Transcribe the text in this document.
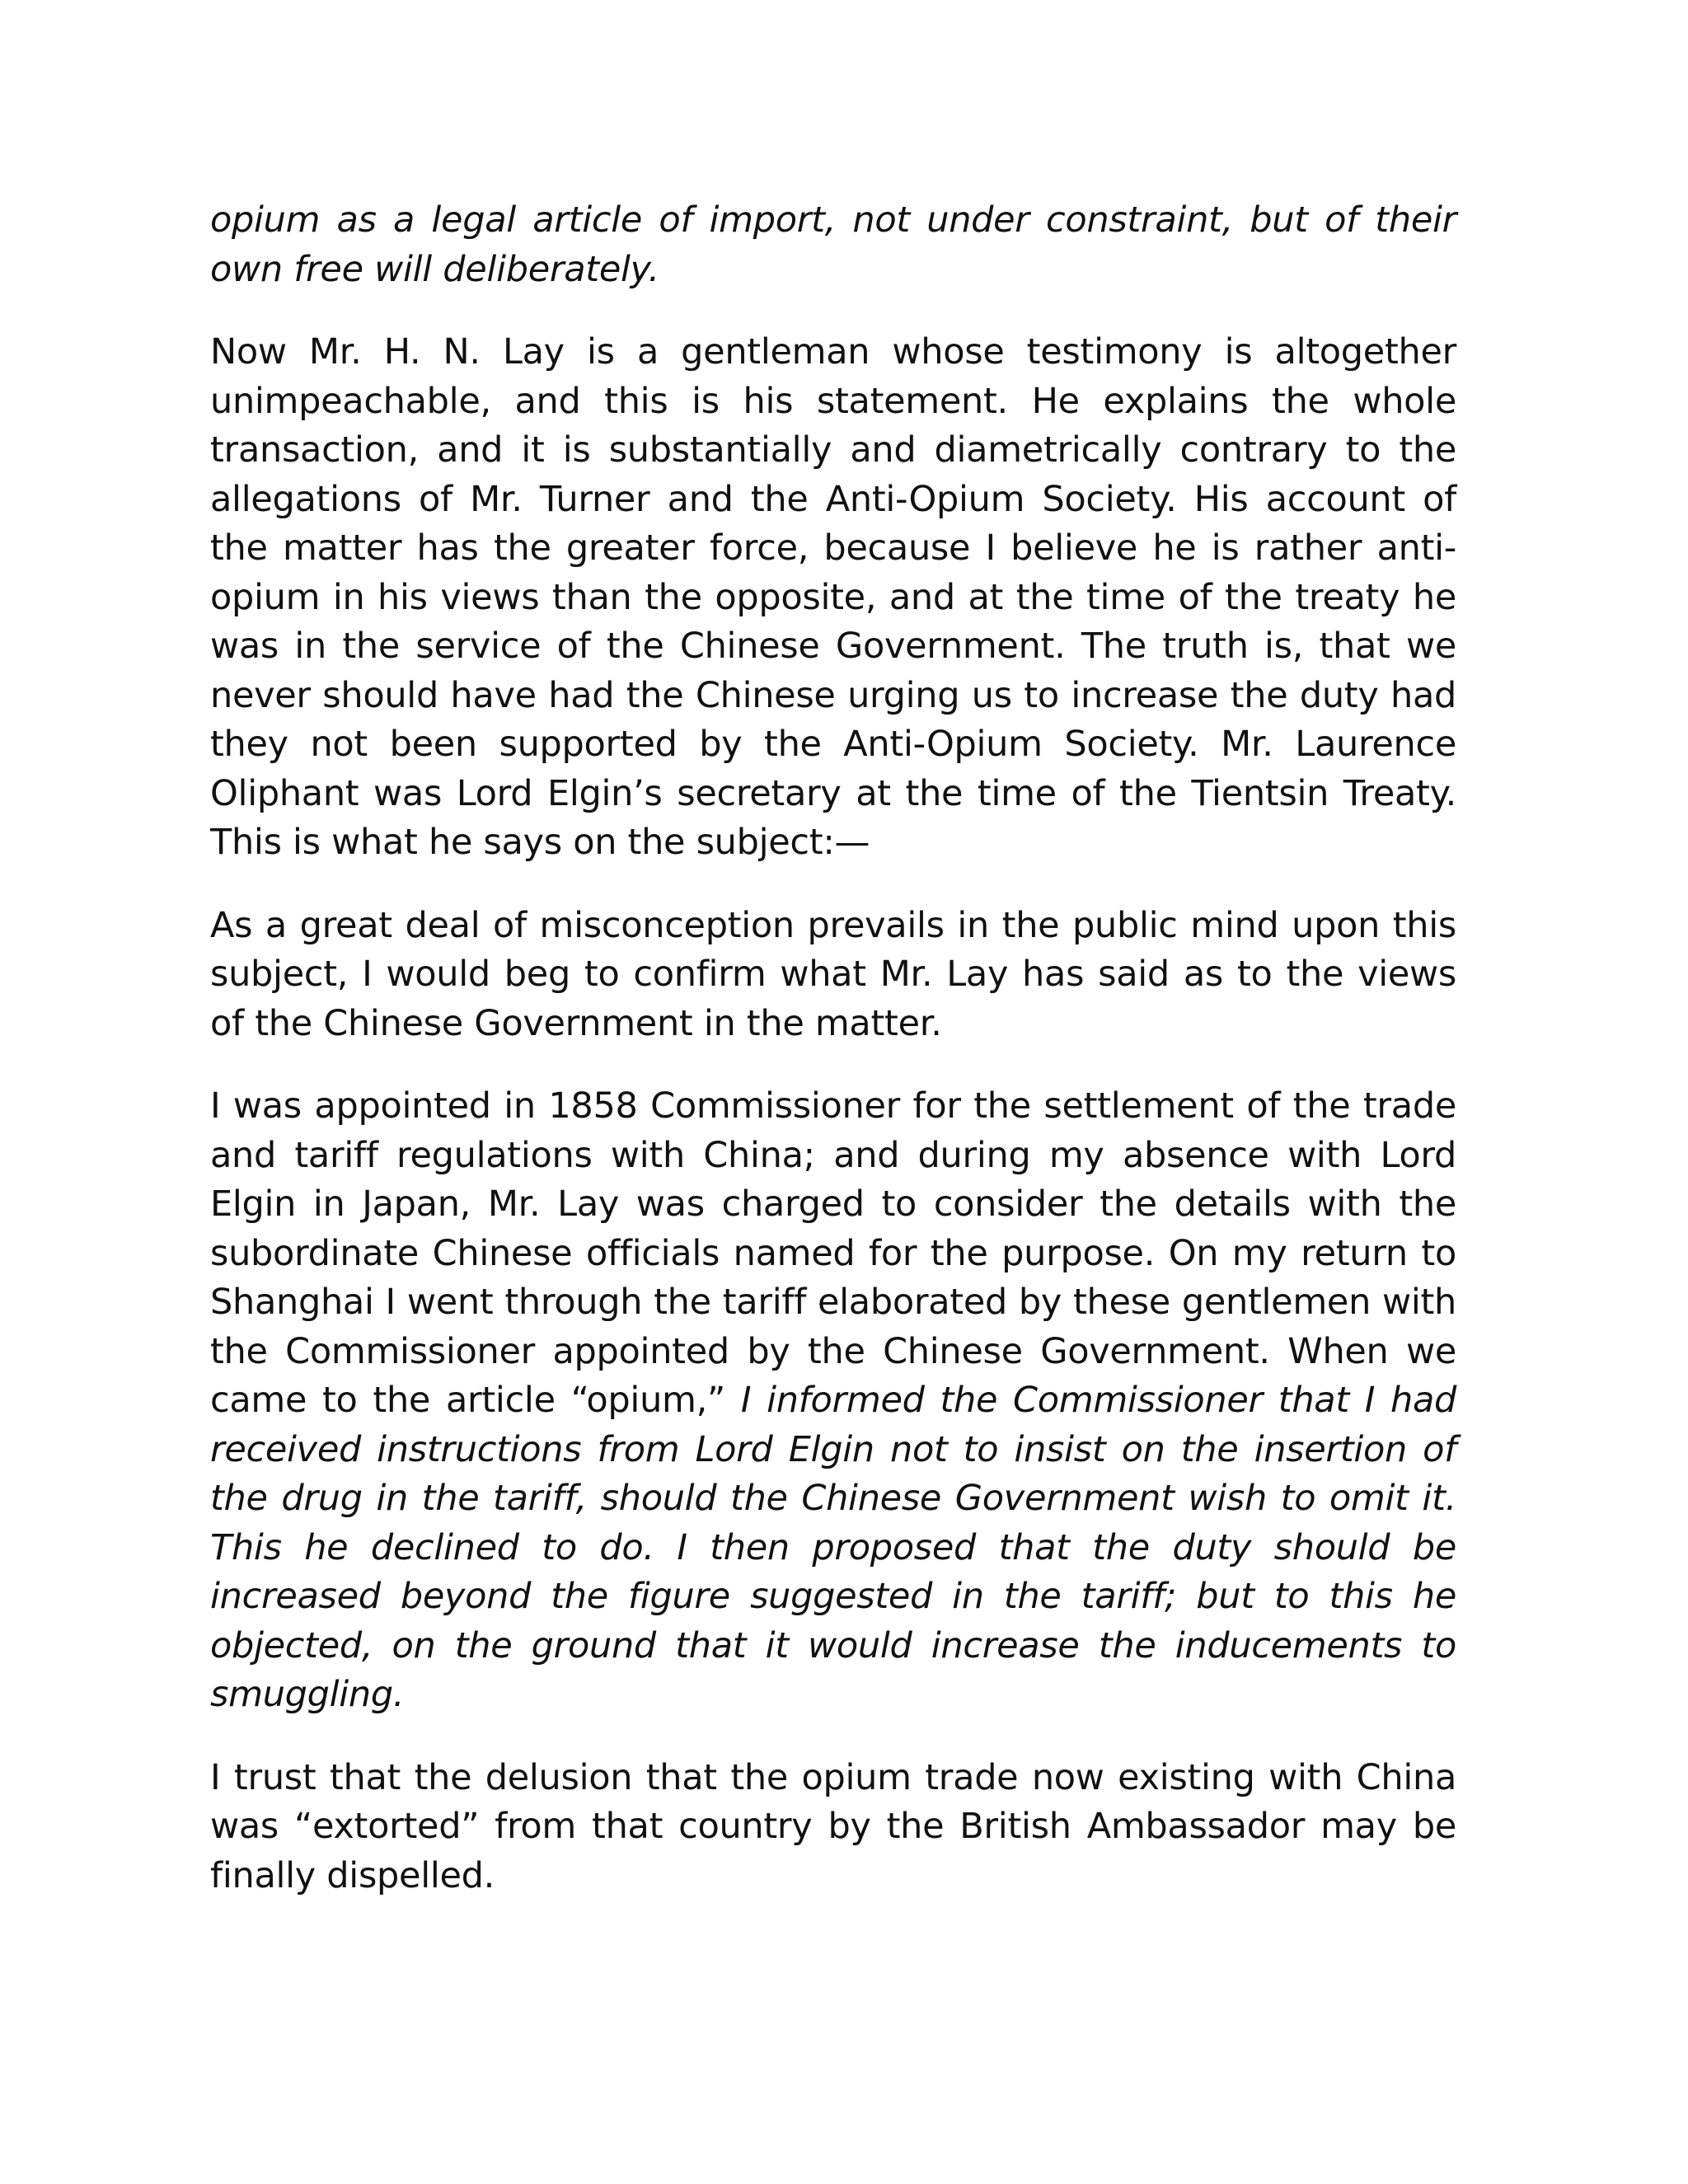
opium as a legal article of import, not under constraint, but of their own free will deliberately.

Now Mr. H. N. Lay is a gentleman whose testimony is altogether unimpeachable, and this is his statement. He explains the whole transaction, and it is substantially and diametrically contrary to the allegations of Mr. Turner and the Anti-Opium Society. His account of the matter has the greater force, because I believe he is rather anti-opium in his views than the opposite, and at the time of the treaty he was in the service of the Chinese Government. The truth is, that we never should have had the Chinese urging us to increase the duty had they not been supported by the Anti-Opium Society. Mr. Laurence Oliphant was Lord Elgin’s secretary at the time of the Tientsin Treaty. This is what he says on the subject:—

As a great deal of misconception prevails in the public mind upon this subject, I would beg to confirm what Mr. Lay has said as to the views of the Chinese Government in the matter.

I was appointed in 1858 Commissioner for the settlement of the trade and tariff regulations with China; and during my absence with Lord Elgin in Japan, Mr. Lay was charged to consider the details with the subordinate Chinese officials named for the purpose. On my return to Shanghai I went through the tariff elaborated by these gentlemen with the Commissioner appointed by the Chinese Government. When we came to the article “opium,” I informed the Commissioner that I had received instructions from Lord Elgin not to insist on the insertion of the drug in the tariff, should the Chinese Government wish to omit it. This he declined to do. I then proposed that the duty should be increased beyond the figure suggested in the tariff; but to this he objected, on the ground that it would increase the inducements to smuggling.

I trust that the delusion that the opium trade now existing with China was “extorted” from that country by the British Ambassador may be finally dispelled.
